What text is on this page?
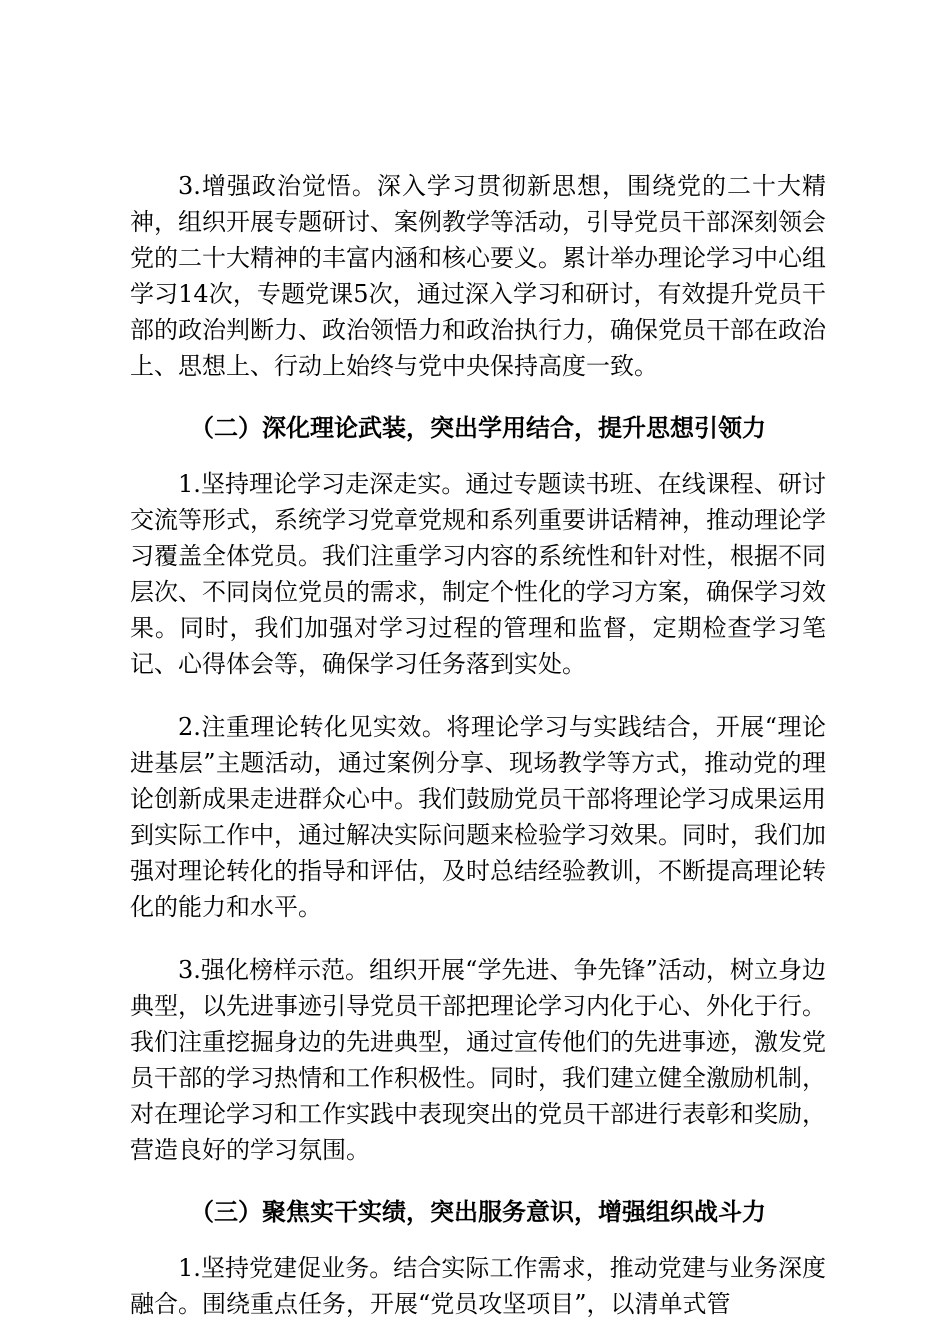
3.增强政治觉悟。深入学习贯彻新思想，围绕党的二十大精神，组织开展专题研讨、案例教学等活动，引导党员干部深刻领会党的二十大精神的丰富内涵和核心要义。累计举办理论学习中心组学习14次，专题党课5次，通过深入学习和研讨，有效提升党员干部的政治判断力、政治领悟力和政治执行力，确保党员干部在政治上、思想上、行动上始终与党中央保持高度一致。

（二）深化理论武装，突出学用结合，提升思想引领力

1.坚持理论学习走深走实。通过专题读书班、在线课程、研讨交流等形式，系统学习党章党规和系列重要讲话精神，推动理论学习覆盖全体党员。我们注重学习内容的系统性和针对性，根据不同层次、不同岗位党员的需求，制定个性化的学习方案，确保学习效果。同时，我们加强对学习过程的管理和监督，定期检查学习笔记、心得体会等，确保学习任务落到实处。

2.注重理论转化见实效。将理论学习与实践结合，开展“理论进基层”主题活动，通过案例分享、现场教学等方式，推动党的理论创新成果走进群众心中。我们鼓励党员干部将理论学习成果运用到实际工作中，通过解决实际问题来检验学习效果。同时，我们加强对理论转化的指导和评估，及时总结经验教训，不断提高理论转化的能力和水平。

3.强化榜样示范。组织开展“学先进、争先锋”活动，树立身边典型，以先进事迹引导党员干部把理论学习内化于心、外化于行。我们注重挖掘身边的先进典型，通过宣传他们的先进事迹，激发党员干部的学习热情和工作积极性。同时，我们建立健全激励机制，对在理论学习和工作实践中表现突出的党员干部进行表彰和奖励，营造良好的学习氛围。

（三）聚焦实干实绩，突出服务意识，增强组织战斗力

1.坚持党建促业务。结合实际工作需求，推动党建与业务深度融合。围绕重点任务，开展“党员攻坚项目”，以清单式管
